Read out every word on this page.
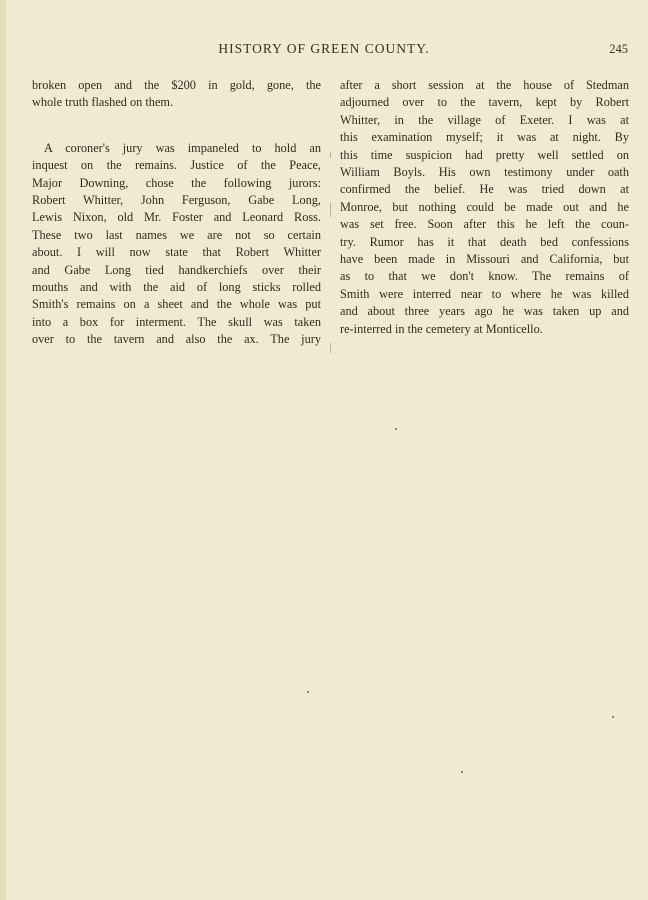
HISTORY OF GREEN COUNTY.	245

broken open and the $200 in gold, gone, the

whole truth flashed on them.

A coroner's jury was impaneled to hold an

inquest on the remains. Justice of the Peace,

Major Downing, chose the following jurors:

Robert Whitter, John Ferguson, Gabe Long,

Lewis Nixon, old Mr. Foster and Leonard Ross.

These two last names we are not so certain

about. I will now state that Robert Whitter

and Gabe Long tied handkerchiefs over their

mouths and with the aid of long sticks rolled

Smith's remains on a sheet and the whole was put

into a box for interment. The skull was taken

over to the tavern and also the ax. The jury

after a short session at the house of Stedman

adjourned over to the tavern, kept by Robert

Whitter, in the village of Exeter. I was at

this examination myself; it was at night. By

this time suspicion had pretty well settled on

William Boyls. His own testimony under oath

confirmed the belief. He was tried down at

Monroe, but nothing could be made out and he

was set free. Soon after this he left the coun-

try. Rumor has it that death bed confessions

have been made in Missouri and California, but

as to that we don't know. The remains of

Smith were interred near to where he was killed

and about three years ago he was taken up and

re-interred in the cemetery at Monticello.
